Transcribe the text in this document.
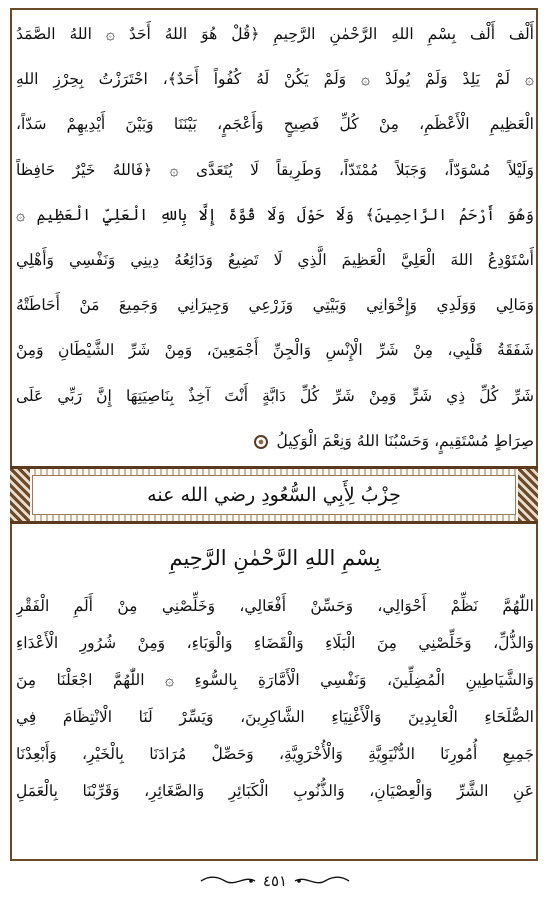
أَلْف أَلْف بِسْمِ اللهِ الرَّحْمٰنِ الرَّحِيمِ ﴿قُلْ هُوَ اللهُ أَحَدٌ ۞ اللهُ الصَّمَدُ
۞ لَمْ يَلِدْ وَلَمْ يُولَدْ ۞ وَلَمْ يَكُنْ لَهُ كُفُواً أَحَدٌ﴾، احْتَرَزْتُ بِحِرْزِ اللهِ
الْعَظِيمِ الْأَعْظَمِ، مِنْ كُلِّ فَصِيحٍ وَأَعْجَمٍ، بَيْنَنَا وَبَيْنَ أَيْدِيهِمْ سَدّاً،
وَلَيْلاً مُسْوَدّاً، وَجَبَلاً مُمْتَدّاً، وَطَرِيقاً لَا يُتَعَدَّى ۞ ﴿فَاللهُ خَيْرٌ حَافِظاً
وَهُوَ أَرْحَمُ الرَّاحِمِينَ﴾ وَلَا حَوْلَ وَلَا قُوَّةَ إِلَّا بِاللهِ الْعَلِيِّ الْعَظِيمِ ۞
أَسْتَوْدِعُ اللهَ الْعَلِيَّ الْعَظِيمَ الَّذِي لَا تَضِيعُ وَدَائِعُهُ دِينِي وَنَفْسِي وَأَهْلِي
وَمَالِي وَوَلَدِي وَإِخْوَانِي وَبَيْتِي وَزَرْعِي وَجِيرَانِي وَجَمِيعَ مَنْ أَحَاطَتْهُ
شَفَقَةُ قَلْبِي، مِنْ شَرِّ الْإِنْسِ وَالْجِنِّ أَجْمَعِينَ، وَمِنْ شَرِّ الشَّيْطَانِ وَمِنْ
شَرِّ كُلِّ ذِي شَرٍّ وَمِنْ شَرِّ كُلِّ دَابَّةٍ أَنْتَ آخِذٌ بِنَاصِيَتِهَا إِنَّ رَبِّي عَلَى
صِرَاطٍ مُسْتَقِيمٍ، وَحَسْبُنَا اللهُ وَنِعْمَ الْوَكِيلُ
حِزْبُ لِأَبِي السُّعُودِ رضي الله عنه
بِسْمِ اللهِ الرَّحْمٰنِ الرَّحِيمِ
اللّٰهُمَّ نَظِّمْ أَحْوَالِي، وَحَسِّنْ أَفْعَالِي، وَخَلِّصْنِي مِنْ أَلَمِ الْفَقْرِ
وَالذُّلِّ، وَخَلِّصْنِي مِنَ الْبَلَاءِ وَالْقَضَاءِ وَالْوَبَاءِ، وَمِنْ شُرُورِ الْأَعْدَاءِ
وَالشَّيَاطِينِ الْمُضِلِّينَ، وَنَفْسِي الْأَمَّارَةِ بِالسُّوءِ ۞ اللّٰهُمَّ اجْعَلْنَا مِنَ
الصُّلَحَاءِ الْعَابِدِينَ وَالْأَغْنِيَاءِ الشَّاكِرِينَ، وَيَسِّرْ لَنَا الْانْتِظَامَ فِي
جَمِيعِ أُمُورِنَا الدُّنْيَوِيَّةِ وَالْأُخْرَوِيَّةِ، وَحَصِّلْ مُرَادَنَا بِالْخَيْرِ، وَأَبْعِدْنَا
عَنِ الشَّرِّ وَالْعِصْيَانِ، وَالذُّنُوبِ الْكَبَائِرِ وَالصَّغَائِرِ، وَقَرِّبْنَا بِالْعَمَلِ
٤٥١
